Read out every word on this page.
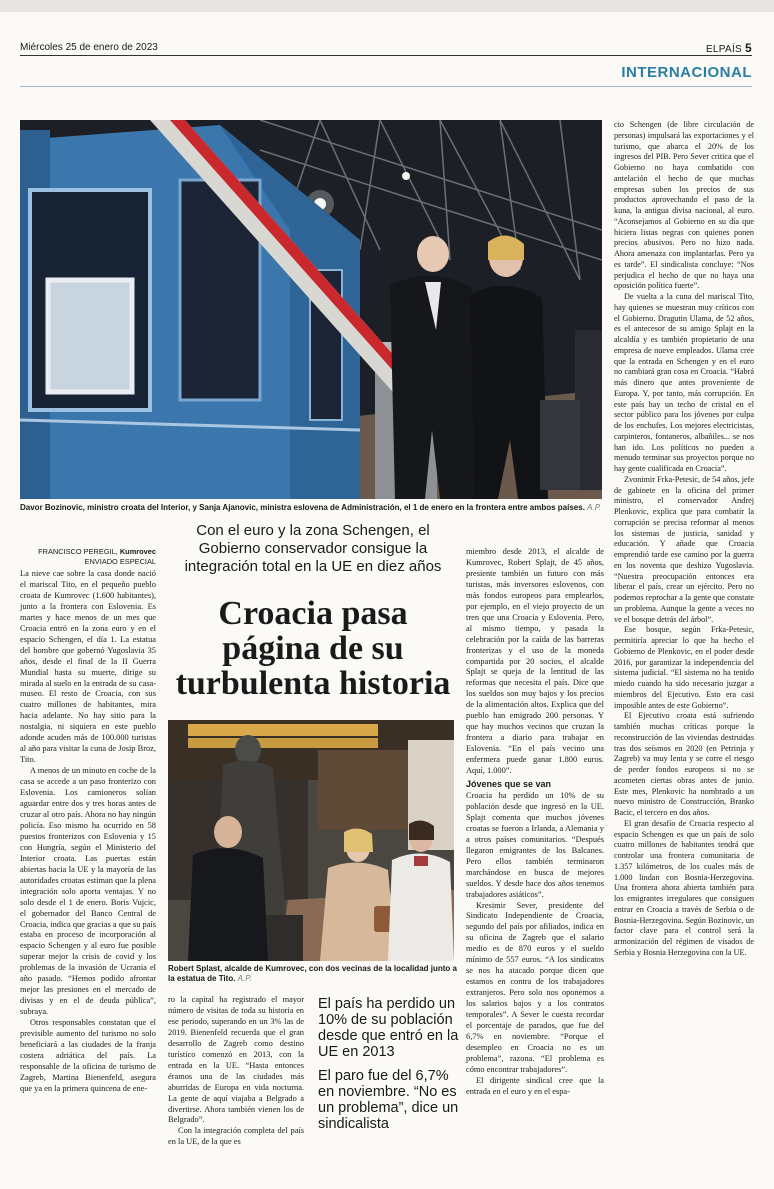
Miércoles 25 de enero de 2023	ELPAÍS 5
INTERNACIONAL
Davor Bozinovic, ministro croata del Interior, y Sanja Ajanovic, ministra eslovena de Administración, el 1 de enero en la frontera entre ambos países. A.P.
Con el euro y la zona Schengen, el Gobierno conservador consigue la integración total en la UE en diez años
Croacia pasa página de su turbulenta historia
FRANCISCO PEREGIL, Kumrovec
ENVIADO ESPECIAL
Robert Splast, alcalde de Kumrovec, con dos vecinas de la localidad junto a la estatua de Tito. A.P.

La nieve cae sobre la casa donde nació el mariscal Tito, en el pequeño pueblo croata de Kumrovec (1.600 habitantes), junto a la frontera con Eslovenia. Es martes y hace menos de un mes que Croacia entró en la zona euro y en el espacio Schengen, el día 1. La estatua del hombre que gobernó Yugoslavia 35 años, desde el final de la II Guerra Mundial hasta su muerte, dirige su mirada al suelo en la entrada de su casa-museo. El resto de Croacia, con sus cuatro millones de habitantes, mira hacia adelante. No hay sitio para la nostalgia, ni siquiera en este pueblo adonde acuden más de 100.000 turistas al año para visitar la cuna de Josip Broz, Tito.

A menos de un minuto en coche de la casa se accede a un paso fronterizo con Eslovenia. Los camioneros solían aguardar entre dos y tres horas antes de cruzar al otro país. Ahora no hay ningún policía. Eso mismo ha ocurrido en 58 puestos fronterizos con Eslovenia y 15 con Hungría, según el Ministerio del Interior croata. Las puertas están abiertas hacia la UE y la mayoría de las autoridades croatas estiman que la plena integración solo aporta ventajas. Y no solo desde el 1 de enero. Boris Vujcic, el gobernador del Banco Central de Croacia, indica que gracias a que su país estaba en proceso de incorporación al espacio Schengen y al euro fue posible superar mejor la crisis de covid y los problemas de la invasión de Ucrania el año pasado. “Hemos podido afrontar mejor las presiones en el mercado de divisas y en el de deuda pública”, subraya.

Otros responsables constatan que el previsible aumento del turismo no solo beneficiará a las ciudades de la franja costera adriática del país. La responsable de la oficina de turismo de Zagreb, Martina Bienenfeld, asegura que ya en la primera quincena de ene-

ro la capital ha registrado el mayor número de visitas de toda su historia en ese periodo, superando en un 3% las de 2019. Bienenfeld recuerda que el gran desarrollo de Zagreb como destino turístico comenzó en 2013, con la entrada en la UE. “Hasta entonces éramos una de las ciudades más aburridas de Europa en vida nocturna. La gente de aquí viajaba a Belgrado a divertirse. Ahora también vienen los de Belgrado”.

Con la integración completa del país en la UE, de la que es

El país ha perdido un 10% de su población desde que entró en la UE en 2013
El paro fue del 6,7% en noviembre. “No es un problema”, dice un sindicalista

miembro desde 2013, el alcalde de Kumrovec, Robert Splajt, de 45 años, presiente también un futuro con más turistas, más inversores eslovenos, con más fondos europeos para emplearlos, por ejemplo, en el viejo proyecto de un tren que una Croacia y Eslovenia. Pero, al mismo tiempo, y pasada la celebración por la caída de las barreras fronterizas y el uso de la moneda compartida por 20 socios, el alcalde Splajt se queja de la lentitud de las reformas que necesita el país. Dice que los sueldos son muy bajos y los precios de la alimentación altos. Explica que del pueblo han emigrado 200 personas. Y que hay muchos vecinos que cruzan la frontera a diario para trabajar en Eslovenia. “En el país vecino una enfermera puede ganar 1.800 euros. Aquí, 1.000”.

Jóvenes que se van

Croacia ha perdido un 10% de su población desde que ingresó en la UE. Splajt comenta que muchos jóvenes croatas se fueron a Irlanda, a Alemania y a otros países comunitarios. “Después llegaron emigrantes de los Balcanes. Pero ellos también terminaron marchándose en busca de mejores sueldos. Y desde hace dos años tenemos trabajadores asiáticos”.

Kresimir Sever, presidente del Sindicato Independiente de Croacia, segundo del país por afiliados, indica en su oficina de Zagreb que el salario medio es de 870 euros y el sueldo mínimo de 557 euros. “A los sindicatos se nos ha atacado porque dicen que estamos en contra de los trabajadores extranjeros. Pero solo nos oponemos a los salarios bajos y a los contratos temporales”. A Sever le cuesta recordar el porcentaje de parados, que fue del 6,7% en noviembre. “Porque el desempleo en Croacia no es un problema”, razona. “El problema es cómo encontrar trabajadores”.

El dirigente sindical cree que la entrada en el euro y en el espa-

cio Schengen (de libre circulación de personas) impulsará las exportaciones y el turismo, que abarca el 20% de los ingresos del PIB. Pero Sever critica que el Gobierno no haya combatido con antelación el hecho de que muchas empresas suben los precios de sus productos aprovechando el paso de la kuna, la antigua divisa nacional, al euro. “Aconsejamos al Gobierno en su día que hiciera listas negras con quienes ponen precios abusivos. Pero no hizo nada. Ahora amenaza con implantarlas. Pero ya es tarde”. El sindicalista concluye: “Nos perjudica el hecho de que no haya una oposición política fuerte”.

De vuelta a la cuna del mariscal Tito, hay quienes se muestran muy críticos con el Gobierno. Dragutin Ulama, de 52 años, es el antecesor de su amigo Splajt en la alcaldía y es también propietario de una empresa de nueve empleados. Ulama cree que la entrada en Schengen y en el euro no cambiará gran cosa en Croacia. “Habrá más dinero que antes proveniente de Europa. Y, por tanto, más corrupción. En este país hay un techo de cristal en el sector público para los jóvenes por culpa de los enchufes. Los mejores electricistas, carpinteros, fontaneros, albañiles... se nos han ido. Los políticos no pueden a menudo terminar sus proyectos porque no hay gente cualificada en Croacia”.

Zvonimir Frka-Petesic, de 54 años, jefe de gabinete en la oficina del primer ministro, el conservador Andrej Plenkovic, explica que para combatir la corrupción se precisa reformar al menos los sistemas de justicia, sanidad y educación. Y añade que Croacia emprendió tarde ese camino por la guerra en los noventa que deshizo Yugoslavia. “Nuestra preocupación entonces era liberar el país, crear un ejército. Pero no podemos reprochar a la gente que constate un problema. Aunque la gente a veces no ve el bosque detrás del árbol”.

Ese bosque, según Frka-Petesic, permitiría apreciar lo que ha hecho el Gobierno de Plenkovic, en el poder desde 2016, por garantizar la independencia del sistema judicial. “El sistema no ha tenido miedo cuando ha sido necesario juzgar a miembros del Ejecutivo. Esto era casi imposible antes de este Gobierno”.

El Ejecutivo croata está sufriendo también muchas críticas porque la reconstrucción de las viviendas destruidas tras dos seísmos en 2020 (en Petrinja y Zagreb) va muy lenta y se corre el riesgo de perder fondos europeos si no se acometen ciertas obras antes de junio. Este mes, Plenkovic ha nombrado a un nuevo ministro de Construcción, Branko Bacic, el tercero en dos años.

El gran desafío de Croacia respecto al espacio Schengen es que un país de solo cuatro millones de habitantes tendrá que controlar una frontera comunitaria de 1.357 kilómetros, de los cuales más de 1.000 lindan con Bosnia-Herzegovina. Una frontera ahora abierta también para los emigrantes irregulares que consiguen entrar en Croacia a través de Serbia o de Bosnia-Herzegovina. Según Bozinovic, un factor clave para el control será la armonización del régimen de visados de Serbia y Bosnia Herzegovina con la UE.
